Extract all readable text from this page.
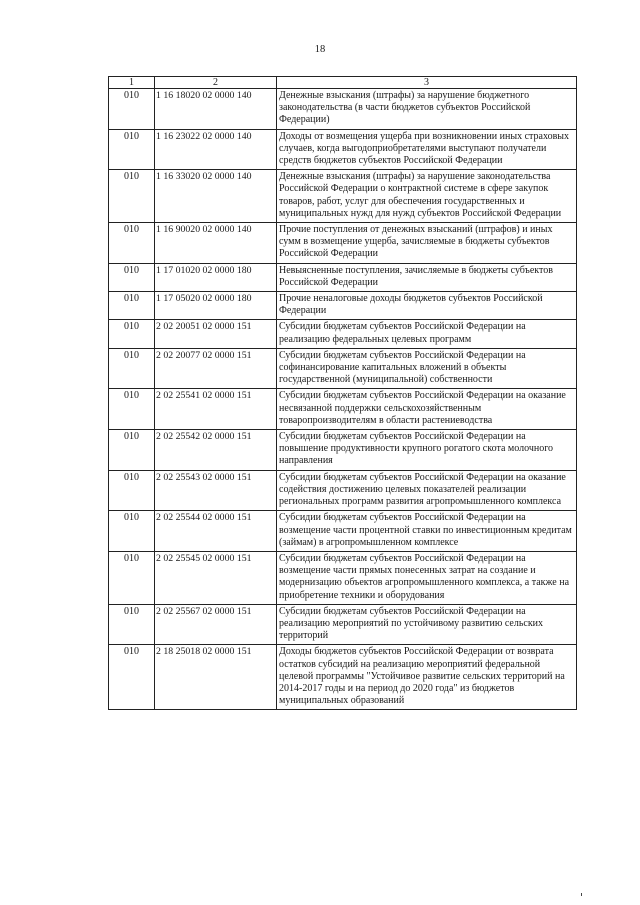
18
1	2	3
010	1 16 18020 02 0000 140	Денежные взыскания (штрафы) за нарушение бюджетного законодательства (в части бюджетов субъектов Российской Федерации)
010	1 16 23022 02 0000 140	Доходы от возмещения ущерба при возникновении иных страховых случаев, когда выгодоприобретателями выступают получатели средств бюджетов субъектов Российской Федерации
010	1 16 33020 02 0000 140	Денежные взыскания (штрафы) за нарушение законодательства Российской Федерации о контрактной системе в сфере закупок товаров, работ, услуг для обеспечения государственных и муниципальных нужд для нужд субъектов Российской Федерации
010	1 16 90020 02 0000 140	Прочие поступления от денежных взысканий (штрафов) и иных сумм в возмещение ущерба, зачисляемые в бюджеты субъектов Российской Федерации
010	1 17 01020 02 0000 180	Невыясненные поступления, зачисляемые в бюджеты субъектов Российской Федерации
010	1 17 05020 02 0000 180	Прочие неналоговые доходы бюджетов субъектов Российской Федерации
010	2 02 20051 02 0000 151	Субсидии бюджетам субъектов Российской Федерации на реализацию федеральных целевых программ
010	2 02 20077 02 0000 151	Субсидии бюджетам субъектов Российской Федерации на софинансирование капитальных вложений в объекты государственной (муниципальной) собственности
010	2 02 25541 02 0000 151	Субсидии бюджетам субъектов Российской Федерации на оказание несвязанной поддержки сельскохозяйственным товаропроизводителям в области растениеводства
010	2 02 25542 02 0000 151	Субсидии бюджетам субъектов Российской Федерации на повышение продуктивности крупного рогатого скота молочного направления
010	2 02 25543 02 0000 151	Субсидии бюджетам субъектов Российской Федерации на оказание содействия достижению целевых показателей реализации региональных программ развития агропромышленного комплекса
010	2 02 25544 02 0000 151	Субсидии бюджетам субъектов Российской Федерации на возмещение части процентной ставки по инвестиционным кредитам (займам) в агропромышленном комплексе
010	2 02 25545 02 0000 151	Субсидии бюджетам субъектов Российской Федерации на возмещение части прямых понесенных затрат на создание и модернизацию объектов агропромышленного комплекса, а также на приобретение техники и оборудования
010	2 02 25567 02 0000 151	Субсидии бюджетам субъектов Российской Федерации на реализацию мероприятий по устойчивому развитию сельских территорий
010	2 18 25018 02 0000 151	Доходы бюджетов субъектов Российской Федерации от возврата остатков субсидий на реализацию мероприятий федеральной целевой программы "Устойчивое развитие сельских территорий на 2014-2017 годы и на период до 2020 года" из бюджетов муниципальных образований
